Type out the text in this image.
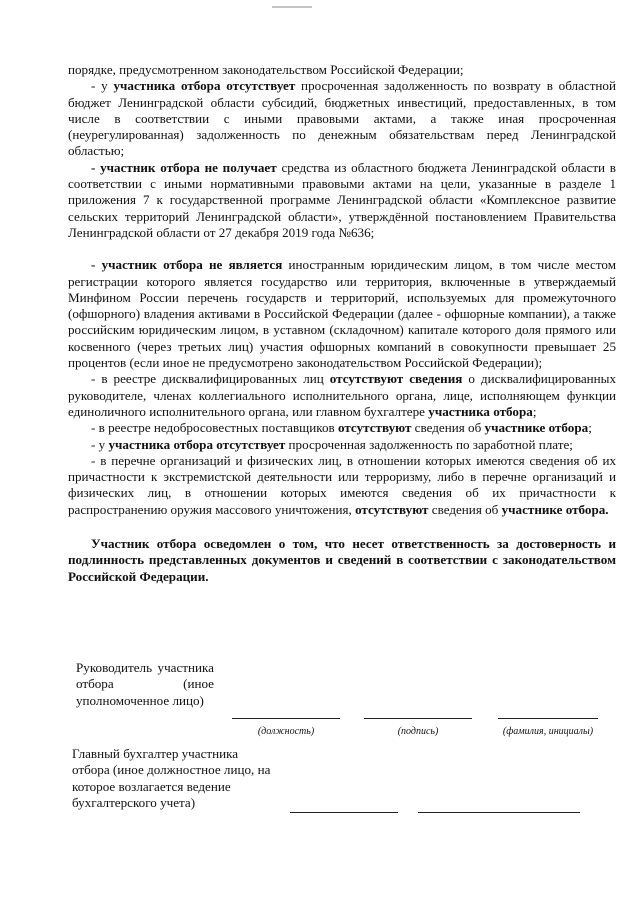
порядке, предусмотренном законодательством Российской Федерации;

- у участника отбора отсутствует просроченная задолженность по возврату в областной бюджет Ленинградской области субсидий, бюджетных инвестиций, предоставленных, в том числе в соответствии с иными правовыми актами, а также иная просроченная (неурегулированная) задолженность по денежным обязательствам перед Ленинградской областью;

- участник отбора не получает средства из областного бюджета Ленинградской области в соответствии с иными нормативными правовыми актами на цели, указанные в разделе 1 приложения 7 к государственной программе Ленинградской области «Комплексное развитие сельских территорий Ленинградской области», утверждённой постановлением Правительства Ленинградской области от 27 декабря 2019 года №636;

- участник отбора не является иностранным юридическим лицом, в том числе местом регистрации которого является государство или территория, включенные в утверждаемый Минфином России перечень государств и территорий, используемых для промежуточного (офшорного) владения активами в Российской Федерации (далее - офшорные компании), а также российским юридическим лицом, в уставном (складочном) капитале которого доля прямого или косвенного (через третьих лиц) участия офшорных компаний в совокупности превышает 25 процентов (если иное не предусмотрено законодательством Российской Федерации);

- в реестре дисквалифицированных лиц отсутствуют сведения о дисквалифицированных руководителе, членах коллегиального исполнительного органа, лице, исполняющем функции единоличного исполнительного органа, или главном бухгалтере участника отбора;

- в реестре недобросовестных поставщиков отсутствуют сведения об участнике отбора;

- у участника отбора отсутствует просроченная задолженность по заработной плате;

- в перечне организаций и физических лиц, в отношении которых имеются сведения об их причастности к экстремистской деятельности или терроризму, либо в перечне организаций и физических лиц, в отношении которых имеются сведения об их причастности к распространению оружия массового уничтожения, отсутствуют сведения об участнике отбора.

Участник отбора осведомлен о том, что несет ответственность за достоверность и подлинность представленных документов и сведений в соответствии с законодательством Российской Федерации.

Руководитель участника отбора (иное уполномоченное лицо)
(должность)	(подпись)	(фамилия, инициалы)
Главный бухгалтер участника отбора (иное должностное лицо, на которое возлагается ведение бухгалтерского учета)
